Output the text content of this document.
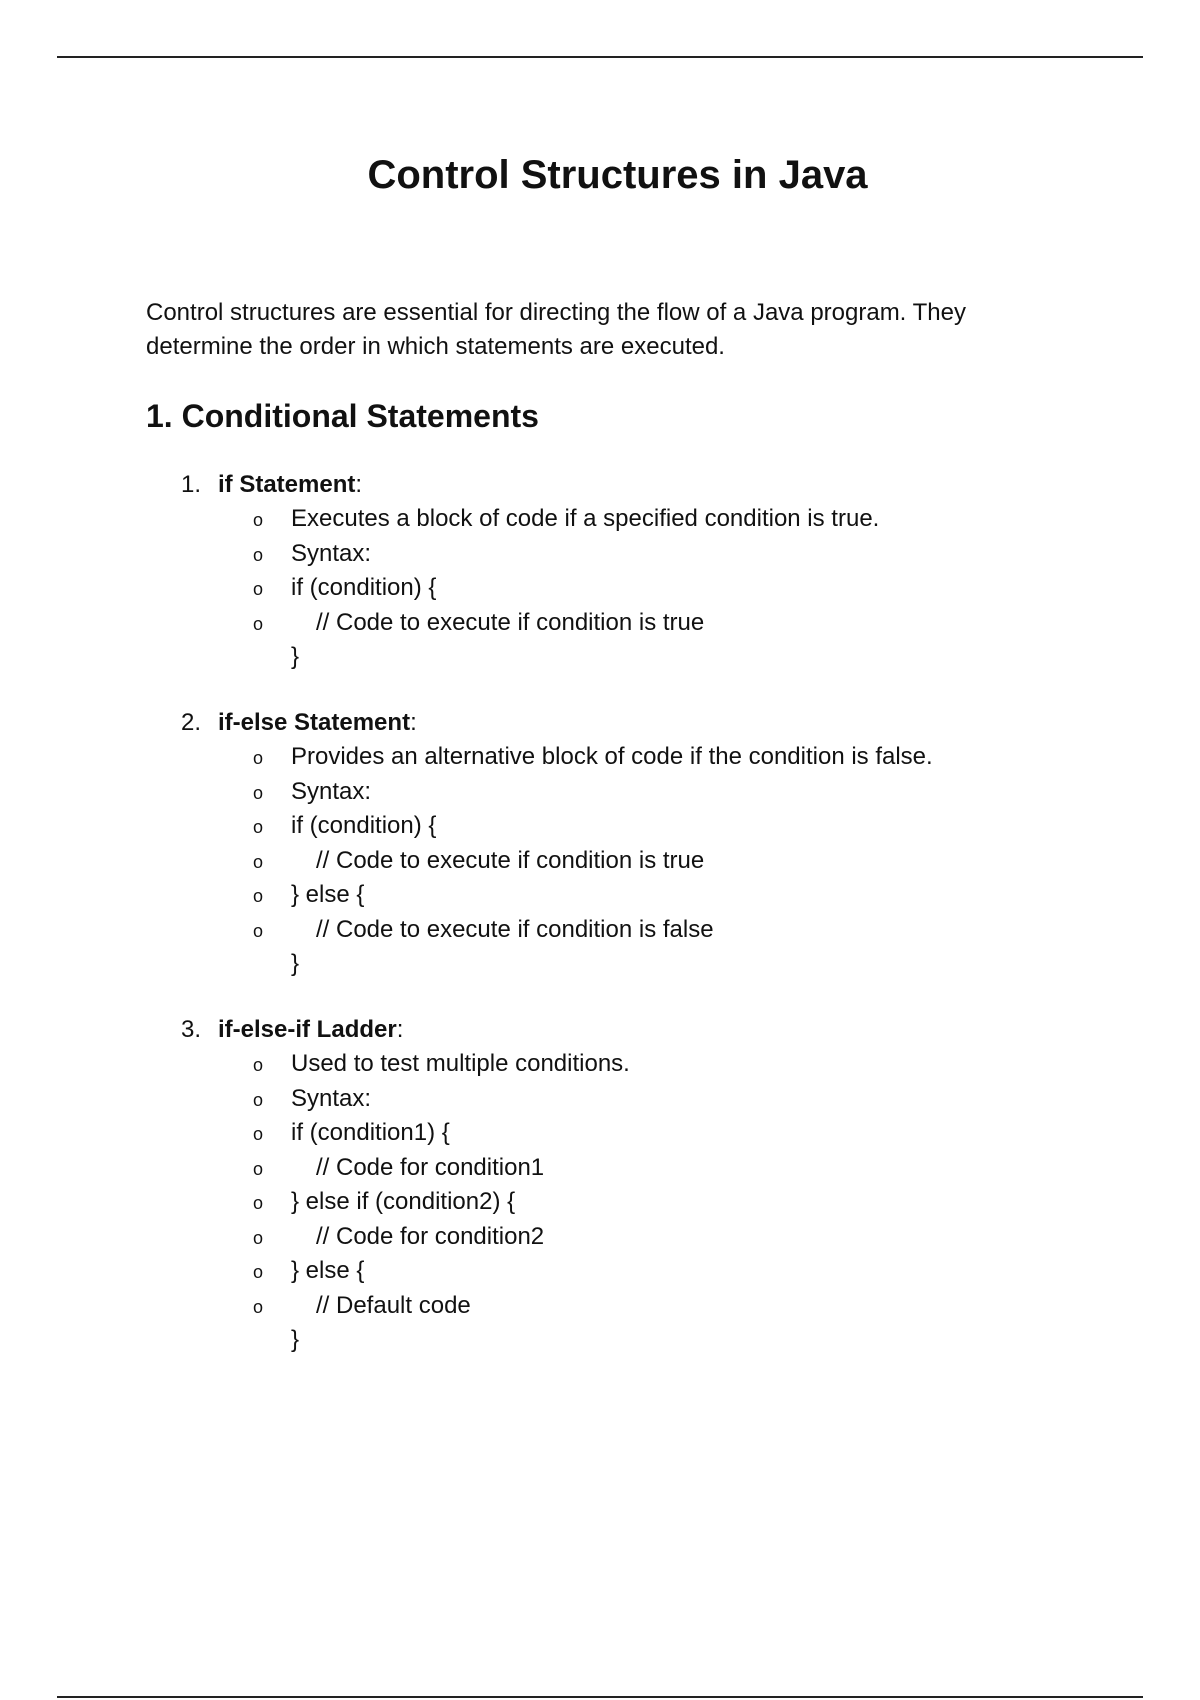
Control Structures in Java

Control structures are essential for directing the flow of a Java program. They determine the order in which statements are executed.

1. Conditional Statements
1. if Statement:
o Executes a block of code if a specified condition is true.
o Syntax:
o if (condition) {
o // Code to execute if condition is true
}
2. if-else Statement:
o Provides an alternative block of code if the condition is false.
o Syntax:
o if (condition) {
o // Code to execute if condition is true
o } else {
o // Code to execute if condition is false
}
3. if-else-if Ladder:
o Used to test multiple conditions.
o Syntax:
o if (condition1) {
o // Code for condition1
o } else if (condition2) {
o // Code for condition2
o } else {
o // Default code
}
